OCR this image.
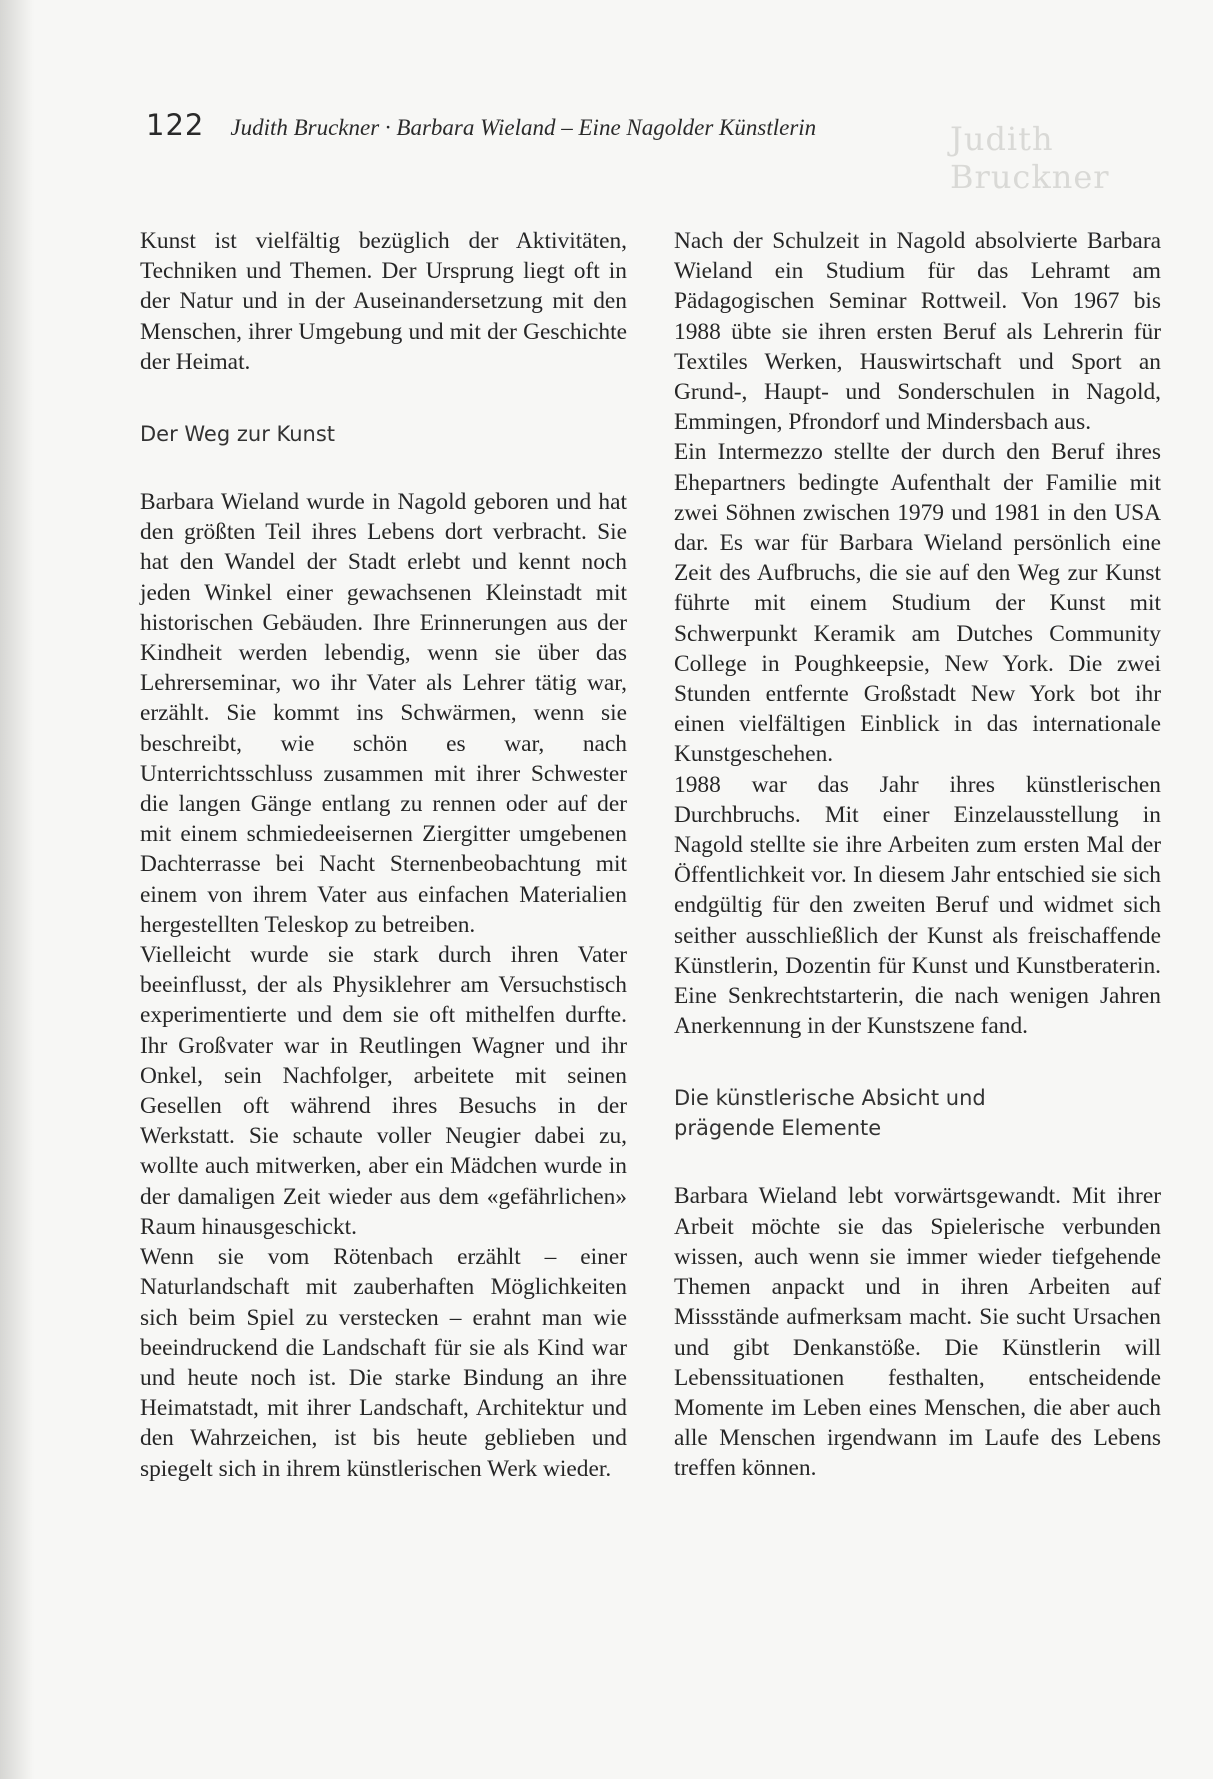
Judith Bruckner
122 Judith Bruckner · Barbara Wieland – Eine Nagolder Künstlerin

Kunst ist vielfältig bezüglich der Aktivitäten, Techniken und Themen. Der Ursprung liegt oft in der Natur und in der Auseinandersetzung mit den Menschen, ihrer Umgebung und mit der Geschichte der Heimat.

Der Weg zur Kunst

Barbara Wieland wurde in Nagold geboren und hat den größten Teil ihres Lebens dort verbracht. Sie hat den Wandel der Stadt erlebt und kennt noch jeden Winkel einer gewachsenen Kleinstadt mit historischen Gebäuden. Ihre Erinnerungen aus der Kindheit werden lebendig, wenn sie über das Lehrerseminar, wo ihr Vater als Lehrer tätig war, erzählt. Sie kommt ins Schwärmen, wenn sie beschreibt, wie schön es war, nach Unterrichtsschluss zusammen mit ihrer Schwester die langen Gänge entlang zu rennen oder auf der mit einem schmiedeeisernen Ziergitter umgebenen Dachterrasse bei Nacht Sternenbeobachtung mit einem von ihrem Vater aus einfachen Materialien hergestellten Teleskop zu betreiben.

Vielleicht wurde sie stark durch ihren Vater beeinflusst, der als Physiklehrer am Versuchstisch experimentierte und dem sie oft mithelfen durfte. Ihr Großvater war in Reutlingen Wagner und ihr Onkel, sein Nachfolger, arbeitete mit seinen Gesellen oft während ihres Besuchs in der Werkstatt. Sie schaute voller Neugier dabei zu, wollte auch mitwerken, aber ein Mädchen wurde in der damaligen Zeit wieder aus dem «gefährlichen» Raum hinausgeschickt.

Wenn sie vom Rötenbach erzählt – einer Naturlandschaft mit zauberhaften Möglichkeiten sich beim Spiel zu verstecken – erahnt man wie beeindruckend die Landschaft für sie als Kind war und heute noch ist. Die starke Bindung an ihre Heimatstadt, mit ihrer Landschaft, Architektur und den Wahrzeichen, ist bis heute geblieben und spiegelt sich in ihrem künstlerischen Werk wieder.

Nach der Schulzeit in Nagold absolvierte Barbara Wieland ein Studium für das Lehramt am Pädagogischen Seminar Rottweil. Von 1967 bis 1988 übte sie ihren ersten Beruf als Lehrerin für Textiles Werken, Hauswirtschaft und Sport an Grund-, Haupt- und Sonderschulen in Nagold, Emmingen, Pfrondorf und Mindersbach aus.

Ein Intermezzo stellte der durch den Beruf ihres Ehepartners bedingte Aufenthalt der Familie mit zwei Söhnen zwischen 1979 und 1981 in den USA dar. Es war für Barbara Wieland persönlich eine Zeit des Aufbruchs, die sie auf den Weg zur Kunst führte mit einem Studium der Kunst mit Schwerpunkt Keramik am Dutches Community College in Poughkeepsie, New York. Die zwei Stunden entfernte Großstadt New York bot ihr einen vielfältigen Einblick in das internationale Kunstgeschehen.

1988 war das Jahr ihres künstlerischen Durchbruchs. Mit einer Einzelausstellung in Nagold stellte sie ihre Arbeiten zum ersten Mal der Öffentlichkeit vor. In diesem Jahr entschied sie sich endgültig für den zweiten Beruf und widmet sich seither ausschließlich der Kunst als freischaffende Künstlerin, Dozentin für Kunst und Kunstberaterin. Eine Senkrechtstarterin, die nach wenigen Jahren Anerkennung in der Kunstszene fand.

Die künstlerische Absicht und
prägende Elemente

Barbara Wieland lebt vorwärtsgewandt. Mit ihrer Arbeit möchte sie das Spielerische verbunden wissen, auch wenn sie immer wieder tiefgehende Themen anpackt und in ihren Arbeiten auf Missstände aufmerksam macht. Sie sucht Ursachen und gibt Denkanstöße. Die Künstlerin will Lebenssituationen festhalten, entscheidende Momente im Leben eines Menschen, die aber auch alle Menschen irgendwann im Laufe des Lebens treffen können.
